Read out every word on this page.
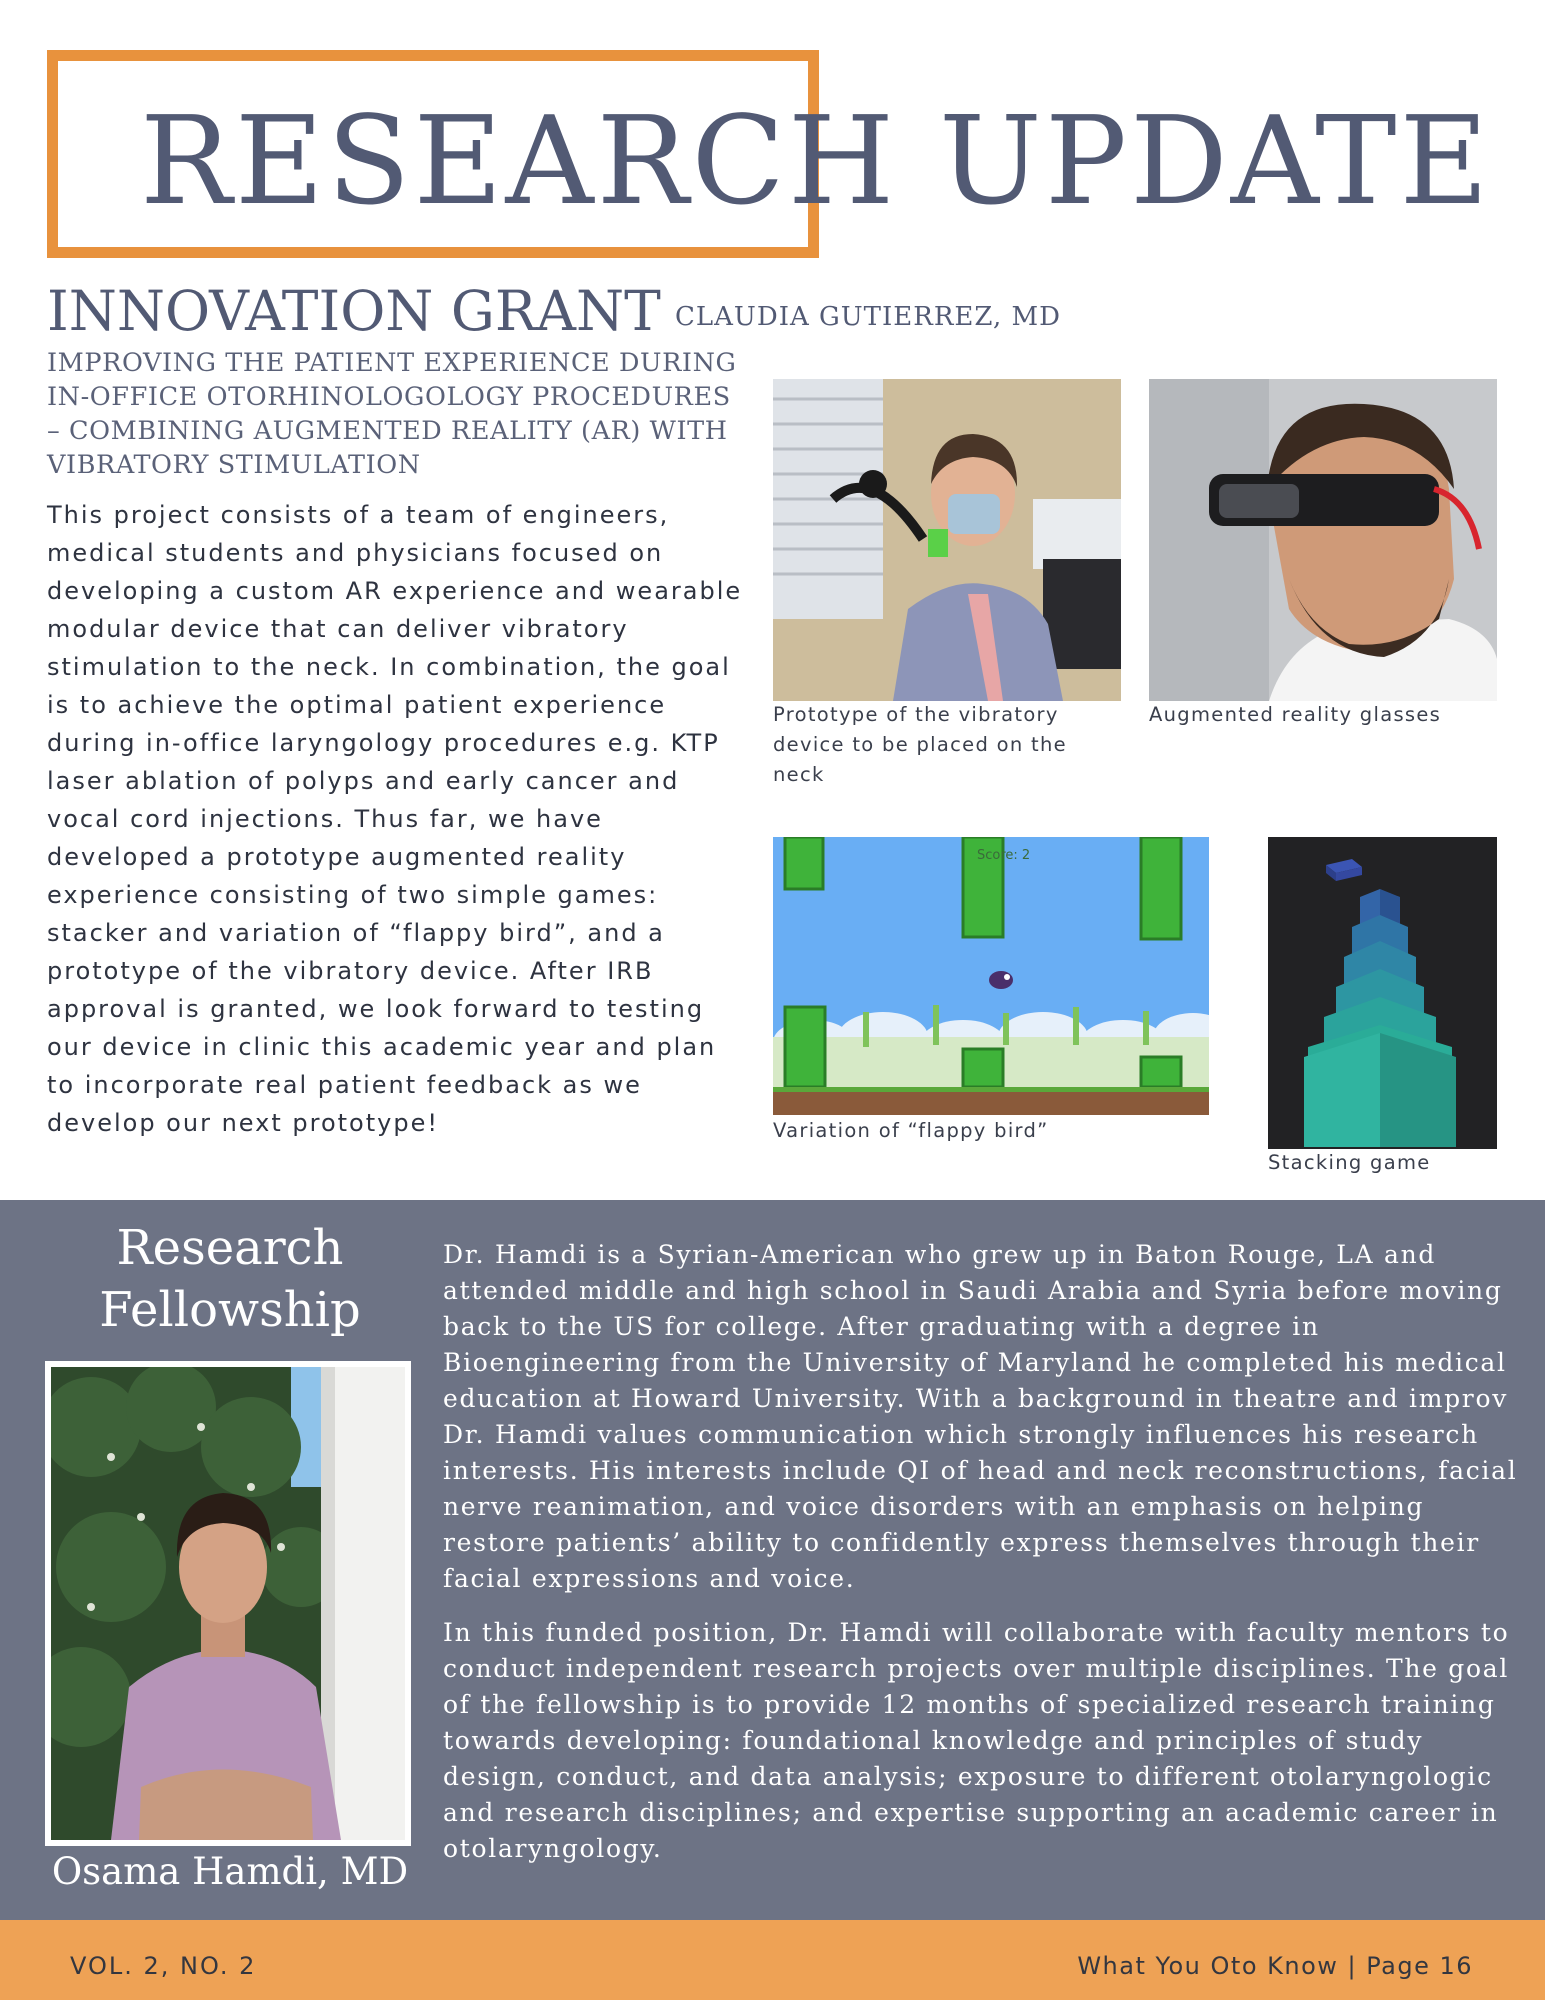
RESEARCH UPDATE
INNOVATION GRANT CLAUDIA GUTIERREZ, MD
IMPROVING THE PATIENT EXPERIENCE DURING IN-OFFICE OTORHINOLOGOLOGY PROCEDURES – COMBINING AUGMENTED REALITY (AR) WITH VIBRATORY STIMULATION
This project consists of a team of engineers, medical students and physicians focused on developing a custom AR experience and wearable modular device that can deliver vibratory stimulation to the neck. In combination, the goal is to achieve the optimal patient experience during in-office laryngology procedures e.g. KTP laser ablation of polyps and early cancer and vocal cord injections. Thus far, we have developed a prototype augmented reality experience consisting of two simple games: stacker and variation of “flappy bird”, and a prototype of the vibratory device. After IRB approval is granted, we look forward to testing our device in clinic this academic year and plan to incorporate real patient feedback as we develop our next prototype!
Prototype of the vibratory device to be placed on the neck
Augmented reality glasses
Score: 2
Variation of “flappy bird”
Stacking game
Research Fellowship
Osama Hamdi, MD

Dr. Hamdi is a Syrian-American who grew up in Baton Rouge, LA and attended middle and high school in Saudi Arabia and Syria before moving back to the US for college. After graduating with a degree in Bioengineering from the University of Maryland he completed his medical education at Howard University. With a background in theatre and improv Dr. Hamdi values communication which strongly influences his research interests. His interests include QI of head and neck reconstructions, facial nerve reanimation, and voice disorders with an emphasis on helping restore patients’ ability to confidently express themselves through their facial expressions and voice.

In this funded position, Dr. Hamdi will collaborate with faculty mentors to conduct independent research projects over multiple disciplines. The goal of the fellowship is to provide 12 months of specialized research training towards developing: foundational knowledge and principles of study design, conduct, and data analysis; exposure to different otolaryngologic and research disciplines; and expertise supporting an academic career in otolaryngology.

VOL. 2, NO. 2	What You Oto Know | Page 16
